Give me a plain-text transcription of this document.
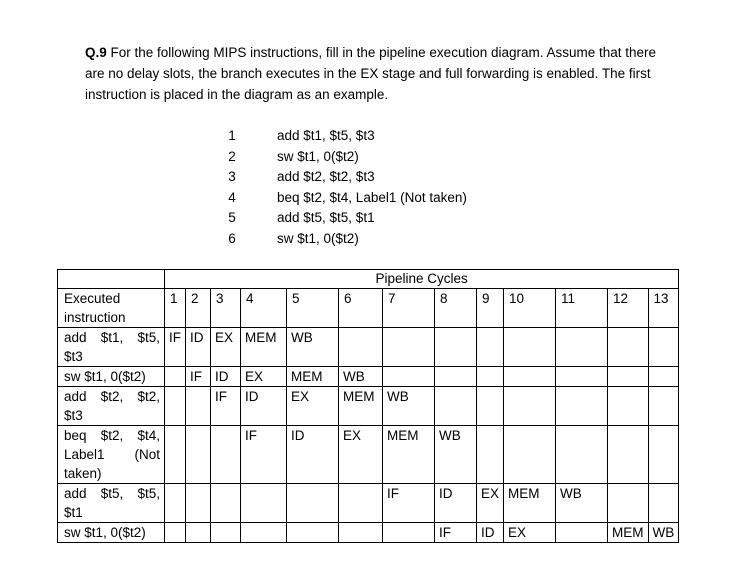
Q.9 For the following MIPS instructions, fill in the pipeline execution diagram. Assume that there are no delay slots, the branch executes in the EX stage and full forwarding is enabled. The first instruction is placed in the diagram as an example.
1	add $t1, $t5, $t3
2	sw $t1, 0($t2)
3	add $t2, $t2, $t3
4	beq $t2, $t4, Label1 (Not taken)
5	add $t5, $t5, $t1
6	sw $t1, 0($t2)
	Pipeline Cycles												
Executed instruction	1	2	3	4	5	6	7	8	9	10	11	12	13
add $t1, $t5, $t3	IF	ID	EX	MEM	WB								
sw $t1, 0($t2)		IF	ID	EX	MEM	WB							
add $t2, $t2, $t3			IF	ID	EX	MEM	WB						
beq $t2, $t4, Label1 (Not taken)				IF	ID	EX	MEM	WB					
add $t5, $t5, $t1							IF	ID	EX	MEM	WB		
sw $t1, 0($t2)								IF	ID	EX		MEM	WB
